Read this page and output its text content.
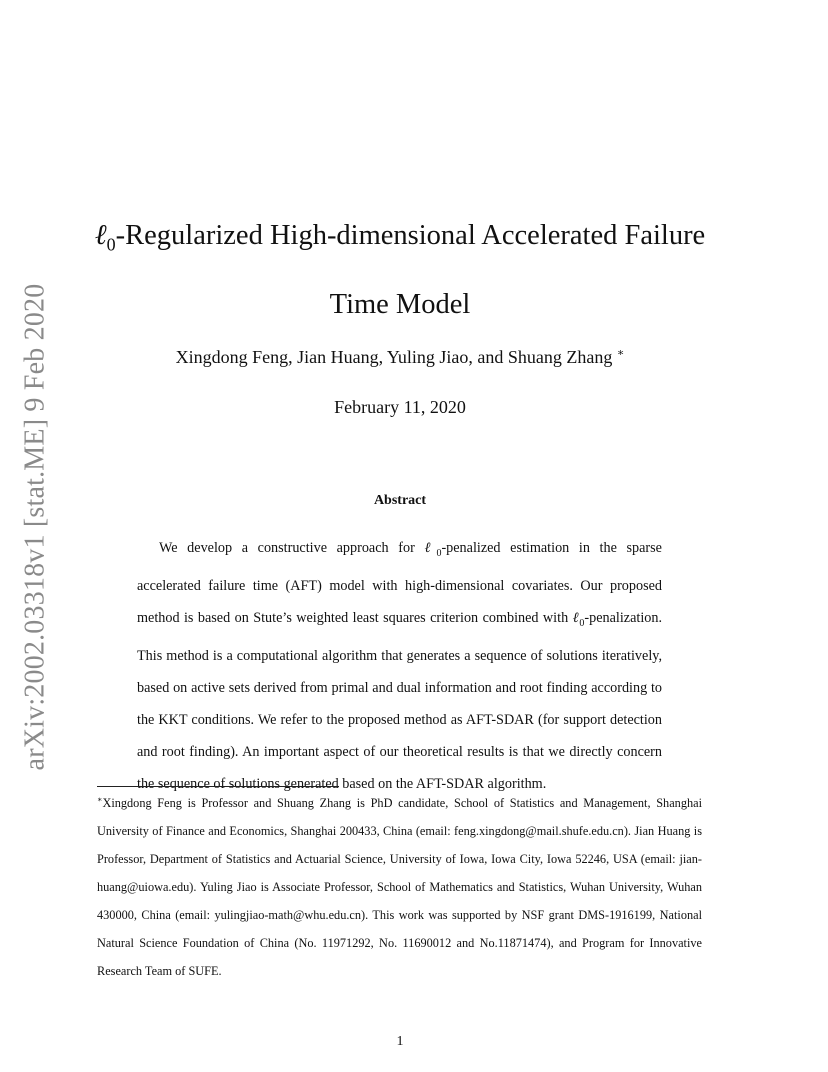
arXiv:2002.03318v1 [stat.ME] 9 Feb 2020
ℓ$_0$-Regularized High-dimensional Accelerated Failure Time Model
Xingdong Feng, Jian Huang, Yuling Jiao, and Shuang Zhang ∗
February 11, 2020
Abstract
We develop a constructive approach for ℓ$_0$-penalized estimation in the sparse accelerated failure time (AFT) model with high-dimensional covariates. Our proposed method is based on Stute’s weighted least squares criterion combined with ℓ$_0$-penalization. This method is a computational algorithm that generates a sequence of solutions iteratively, based on active sets derived from primal and dual information and root finding according to the KKT conditions. We refer to the proposed method as AFT-SDAR (for support detection and root finding). An important aspect of our theoretical results is that we directly concern the sequence of solutions generated based on the AFT-SDAR algorithm.
∗Xingdong Feng is Professor and Shuang Zhang is PhD candidate, School of Statistics and Management, Shanghai University of Finance and Economics, Shanghai 200433, China (email: feng.xingdong@mail.shufe.edu.cn). Jian Huang is Professor, Department of Statistics and Actuarial Science, University of Iowa, Iowa City, Iowa 52246, USA (email: jian-huang@uiowa.edu). Yuling Jiao is Associate Professor, School of Mathematics and Statistics, Wuhan University, Wuhan 430000, China (email: yulingjiao-math@whu.edu.cn). This work was supported by NSF grant DMS-1916199, National Natural Science Foundation of China (No. 11971292, No. 11690012 and No.11871474), and Program for Innovative Research Team of SUFE.
1
